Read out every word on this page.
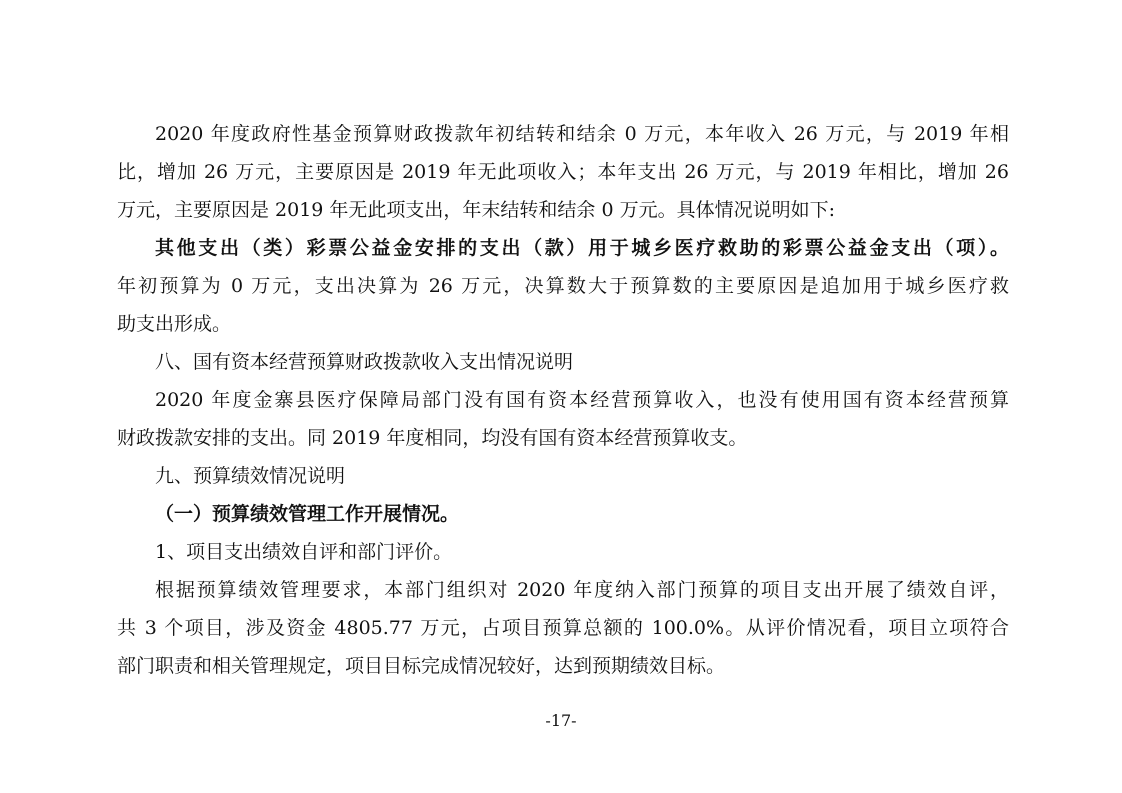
2020 年度政府性基金预算财政拨款年初结转和结余 0 万元，本年收入 26 万元，与 2019 年相
比，增加 26 万元，主要原因是 2019 年无此项收入；本年支出 26 万元，与 2019 年相比，增加 26
万元，主要原因是 2019 年无此项支出，年末结转和结余 0 万元。具体情况说明如下:
其他支出（类）彩票公益金安排的支出（款）用于城乡医疗救助的彩票公益金支出（项）。
年初预算为 0 万元，支出决算为 26 万元，决算数大于预算数的主要原因是追加用于城乡医疗救
助支出形成。
八、国有资本经营预算财政拨款收入支出情况说明
2020 年度金寨县医疗保障局部门没有国有资本经营预算收入，也没有使用国有资本经营预算
财政拨款安排的支出。同 2019 年度相同，均没有国有资本经营预算收支。
九、预算绩效情况说明
（一）预算绩效管理工作开展情况。
1、项目支出绩效自评和部门评价。
根据预算绩效管理要求，本部门组织对 2020 年度纳入部门预算的项目支出开展了绩效自评，
共 3 个项目，涉及资金 4805.77 万元，占项目预算总额的 100.0%。从评价情况看，项目立项符合
部门职责和相关管理规定，项目目标完成情况较好，达到预期绩效目标。
-17-
